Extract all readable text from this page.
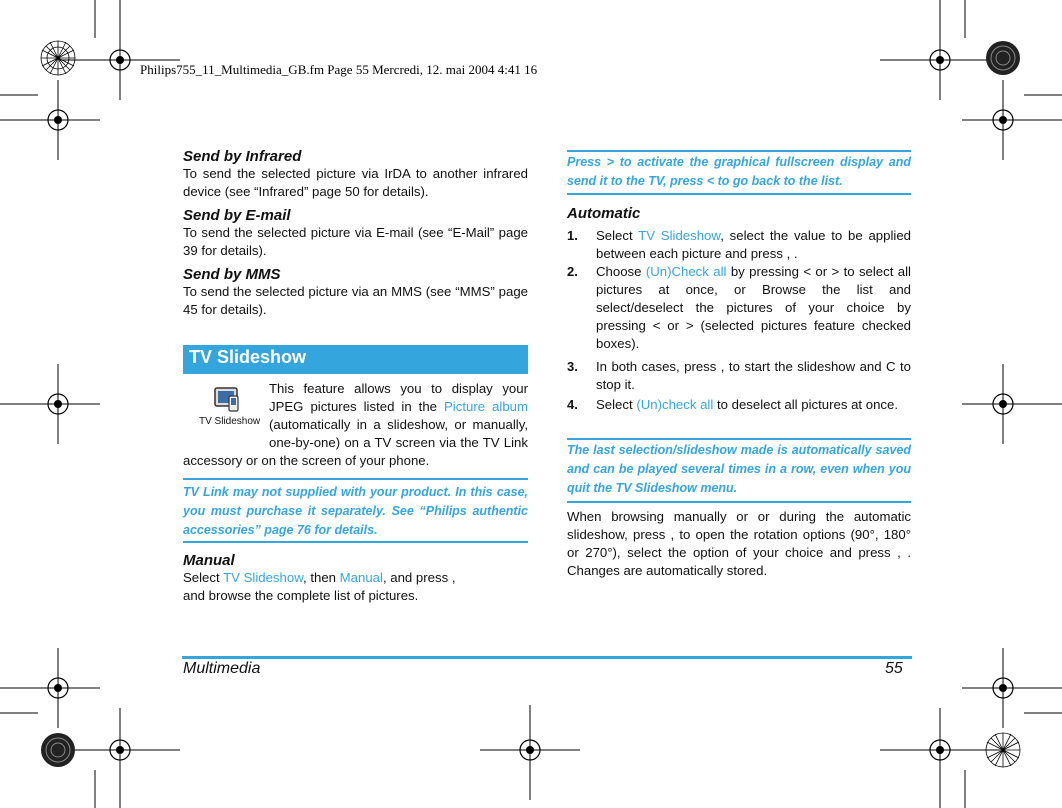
Philips755_11_Multimedia_GB.fm Page 55 Mercredi, 12. mai 2004 4:41 16

Send by Infrared

To send the selected picture via IrDA to another infrared device (see “Infrared” page 50 for details).

Send by E-mail

To send the selected picture via E-mail (see “E-Mail” page 39 for details).

Send by MMS

To send the selected picture via an MMS (see “MMS” page 45 for details).

TV Slideshow
TV Slideshow

This feature allows you to display your JPEG pictures listed in the Picture album (automatically in a slideshow, or manually, one-by-one) on a TV screen via the TV Link accessory or on the screen of your phone.

TV Link may not supplied with your product. In this case, you must purchase it separately. See “Philips authentic accessories” page 76 for details.

Manual

Select TV Slideshow, then Manual, and press ,
and browse the complete list of pictures.

Press > to activate the graphical fullscreen display and send it to the TV, press < to go back to the list.

Automatic

1. Select TV Slideshow, select the value to be applied between each picture and press , .
2. Choose (Un)Check all by pressing < or > to select all pictures at once, or Browse the list and select/deselect the pictures of your choice by pressing < or > (selected pictures feature checked boxes).
3. In both cases, press , to start the slideshow and C to stop it.
4. Select (Un)check all to deselect all pictures at once.
The last selection/slideshow made is automatically saved and can be played several times in a row, even when you quit the TV Slideshow menu.
When browsing manually or or during the automatic slideshow, press , to open the rotation options (90°, 180° or 270°), select the option of your choice and press , . Changes are automatically stored.
Multimedia	55
